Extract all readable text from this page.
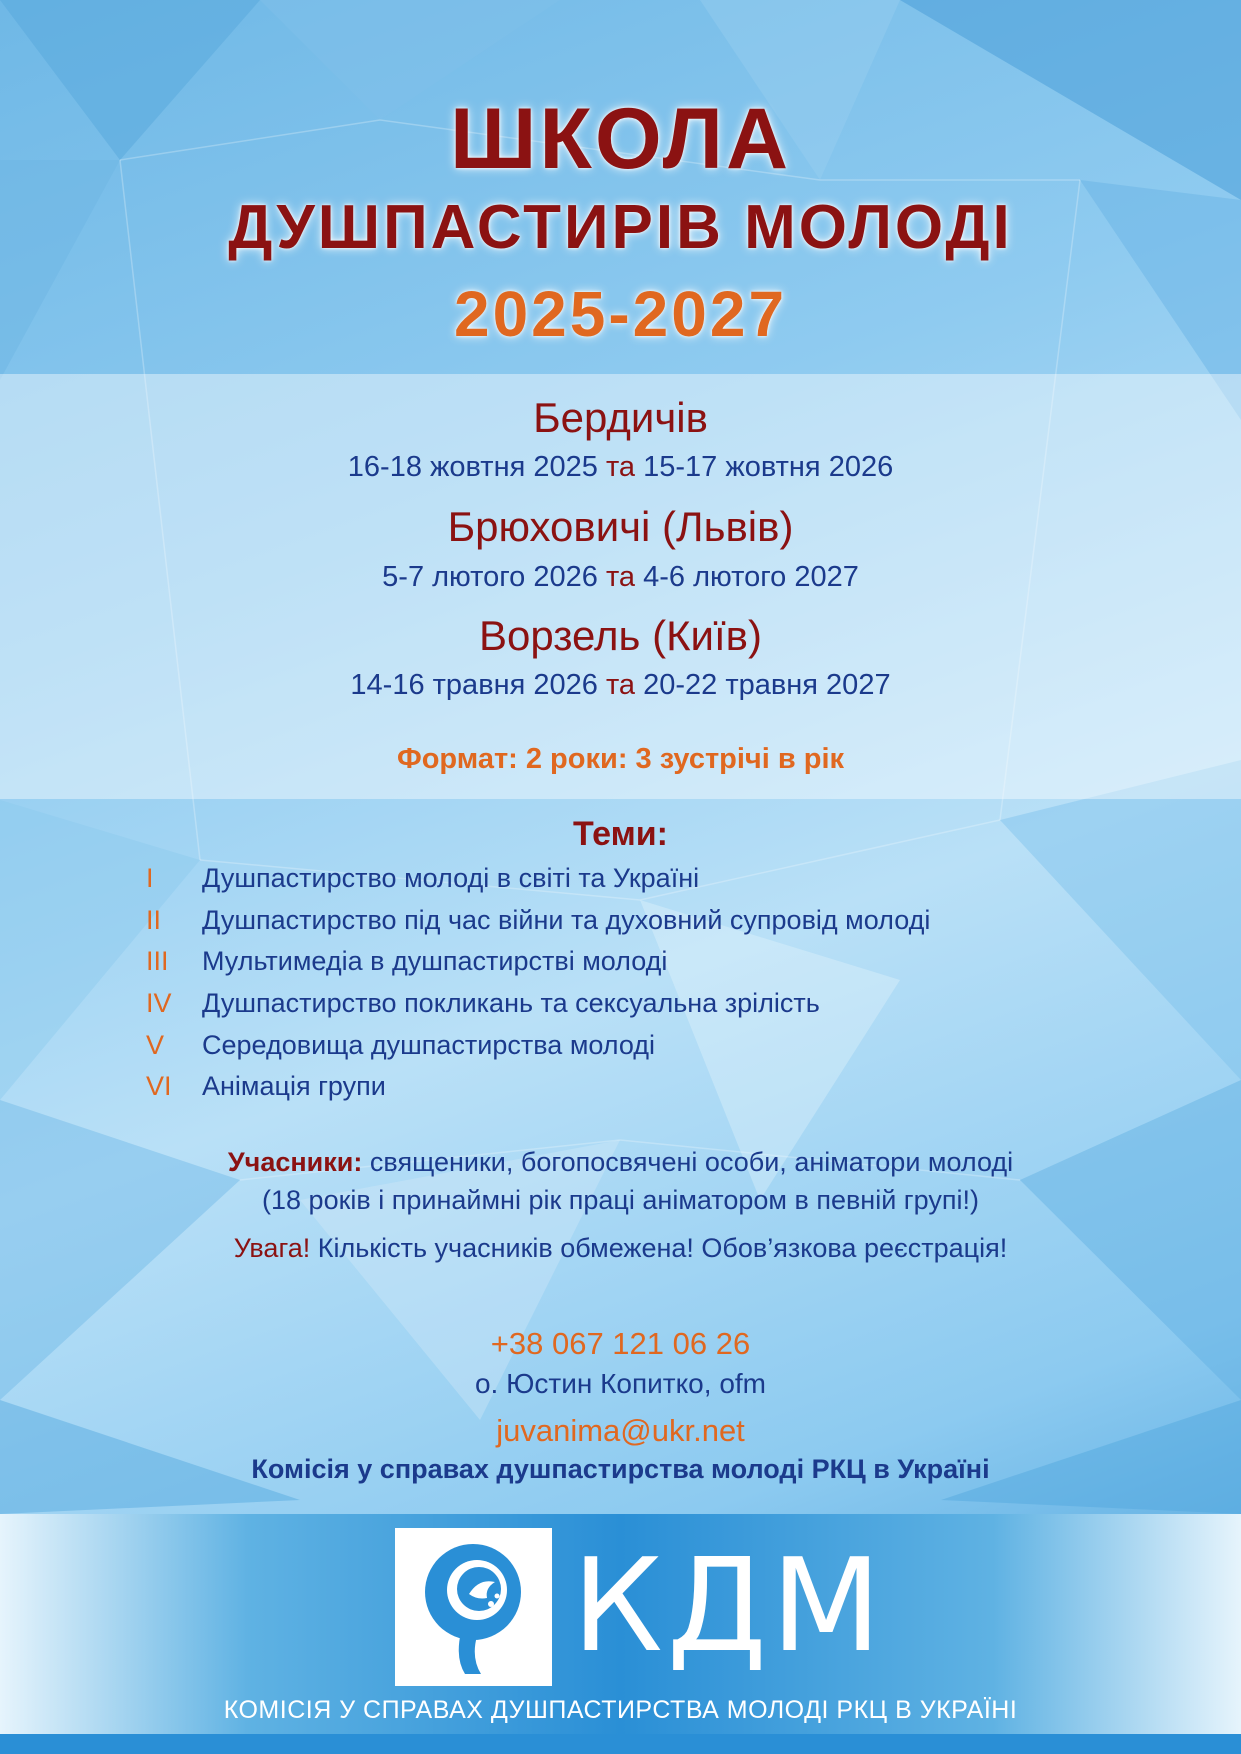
ШКОЛА
ДУШПАСТИРІВ МОЛОДІ
2025-2027
Бердичів
16-18 жовтня 2025 та 15-17 жовтня 2026
Брюховичі (Львів)
5-7 лютого 2026 та 4-6 лютого 2027
Ворзель (Київ)
14-16 травня 2026 та 20-22 травня 2027
Формат: 2 роки: 3 зустрічі в рік
Теми:
I	Душпастирство молоді в світі та Україні
II	Душпастирство під час війни та духовний супровід молоді
III	Мультимедіа в душпастирстві молоді
IV	Душпастирство покликань та сексуальна зрілість
V	Середовища душпастирства молоді
VI	Анімація групи
Учасники: священики, богопосвячені особи, аніматори молоді
(18 років і принаймні рік праці аніматором в певній групі!)
Увага! Кількість учасників обмежена! Обов’язкова реєстрація!
+38 067 121 06 26
о. Юстин Копитко, ofm
juvanima@ukr.net
Комісія у справах душпастирства молоді РКЦ в Україні
КДМ
КОМІСІЯ У СПРАВАХ ДУШПАСТИРСТВА МОЛОДІ РКЦ В УКРАЇНІ
